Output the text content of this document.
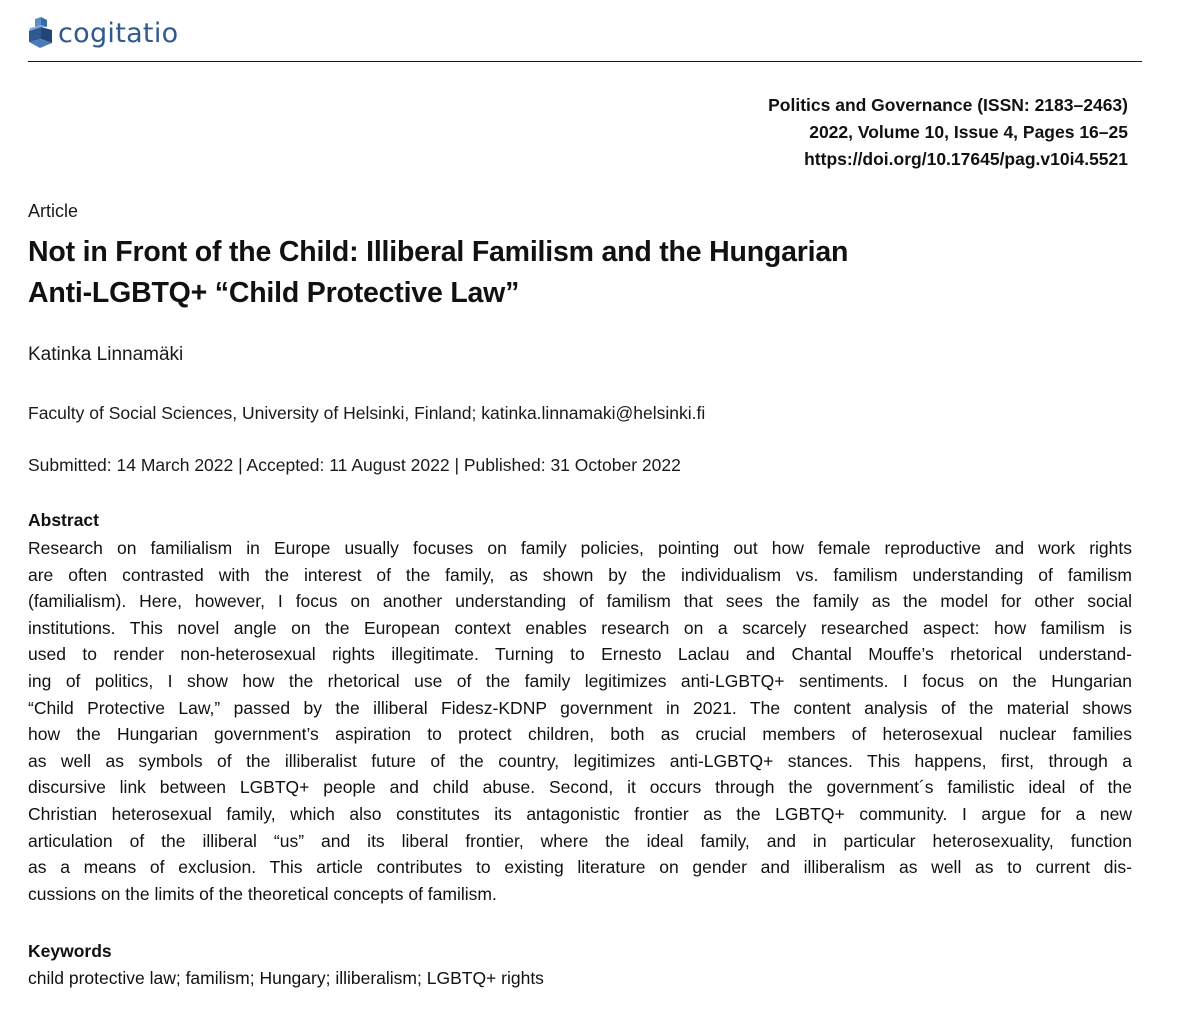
cogitatio
Politics and Governance (ISSN: 2183–2463)
2022, Volume 10, Issue 4, Pages 16–25
https://doi.org/10.17645/pag.v10i4.5521
Article
Not in Front of the Child: Illiberal Familism and the Hungarian
Anti-LGBTQ+ “Child Protective Law”
Katinka Linnamäki
Faculty of Social Sciences, University of Helsinki, Finland; katinka.linnamaki@helsinki.fi
Submitted: 14 March 2022 | Accepted: 11 August 2022 | Published: 31 October 2022
Abstract
Research on familialism in Europe usually focuses on family policies, pointing out how female reproductive and work rights
are often contrasted with the interest of the family, as shown by the individualism vs. familism understanding of familism
(familialism). Here, however, I focus on another understanding of familism that sees the family as the model for other social
institutions. This novel angle on the European context enables research on a scarcely researched aspect: how familism is
used to render non-heterosexual rights illegitimate. Turning to Ernesto Laclau and Chantal Mouffe’s rhetorical understand-
ing of politics, I show how the rhetorical use of the family legitimizes anti-LGBTQ+ sentiments. I focus on the Hungarian
“Child Protective Law,” passed by the illiberal Fidesz-KDNP government in 2021. The content analysis of the material shows
how the Hungarian government’s aspiration to protect children, both as crucial members of heterosexual nuclear families
as well as symbols of the illiberalist future of the country, legitimizes anti-LGBTQ+ stances. This happens, first, through a
discursive link between LGBTQ+ people and child abuse. Second, it occurs through the government´s familistic ideal of the
Christian heterosexual family, which also constitutes its antagonistic frontier as the LGBTQ+ community. I argue for a new
articulation of the illiberal “us” and its liberal frontier, where the ideal family, and in particular heterosexuality, function
as a means of exclusion. This article contributes to existing literature on gender and illiberalism as well as to current dis-
cussions on the limits of the theoretical concepts of familism.
Keywords
child protective law; familism; Hungary; illiberalism; LGBTQ+ rights
